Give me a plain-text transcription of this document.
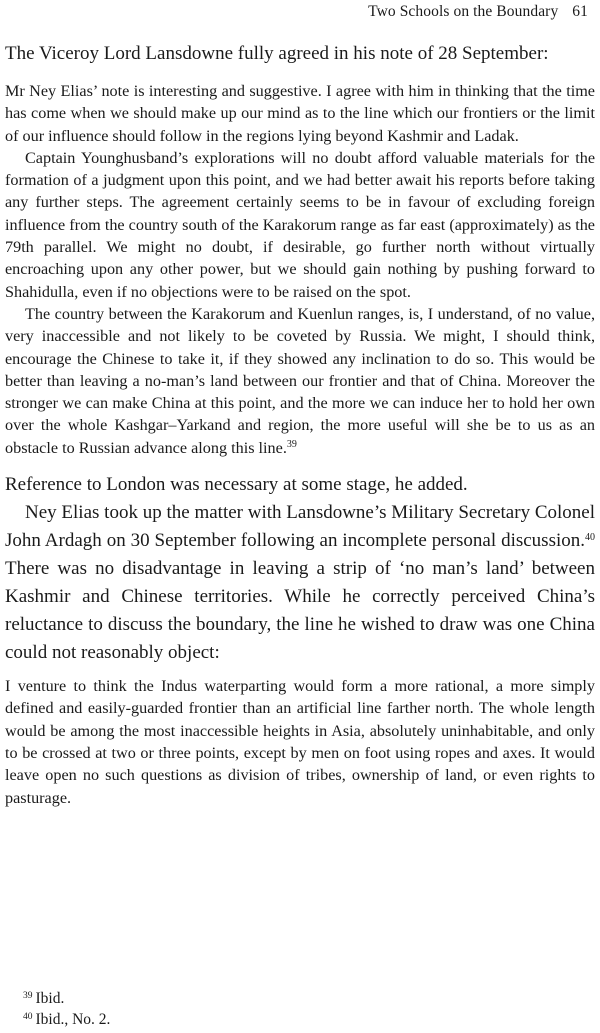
Two Schools on the Boundary 61

The Viceroy Lord Lansdowne fully agreed in his note of 28 September:

Mr Ney Elias’ note is interesting and suggestive. I agree with him in thinking that the time has come when we should make up our mind as to the line which our frontiers or the limit of our influence should follow in the regions lying beyond Kashmir and Ladak.

Captain Younghusband’s explorations will no doubt afford valuable materials for the formation of a judgment upon this point, and we had better await his reports before taking any further steps. The agreement certainly seems to be in favour of excluding foreign influence from the country south of the Karakorum range as far east (approximately) as the 79th parallel. We might no doubt, if desirable, go further north without virtually encroaching upon any other power, but we should gain nothing by pushing forward to Shahidulla, even if no objections were to be raised on the spot.

The country between the Karakorum and Kuenlun ranges, is, I understand, of no value, very inaccessible and not likely to be coveted by Russia. We might, I should think, encourage the Chinese to take it, if they showed any inclination to do so. This would be better than leaving a no-man’s land between our frontier and that of China. Moreover the stronger we can make China at this point, and the more we can induce her to hold her own over the whole Kashgar–Yarkand and region, the more useful will she be to us as an obstacle to Russian advance along this line.$^{39}$

Reference to London was necessary at some stage, he added.

Ney Elias took up the matter with Lansdowne’s Military Secretary Colonel John Ardagh on 30 September following an incomplete personal discussion.$^{40}$ There was no disadvantage in leaving a strip of ‘no man’s land’ between Kashmir and Chinese territories. While he correctly perceived China’s reluctance to discuss the boundary, the line he wished to draw was one China could not reasonably object:

I venture to think the Indus waterparting would form a more rational, a more simply defined and easily-guarded frontier than an artificial line farther north. The whole length would be among the most inaccessible heights in Asia, absolutely uninhabitable, and only to be crossed at two or three points, except by men on foot using ropes and axes. It would leave open no such questions as division of tribes, ownership of land, or even rights to pasturage.

$^{39}$ Ibid.
$^{40}$ Ibid., No. 2.
